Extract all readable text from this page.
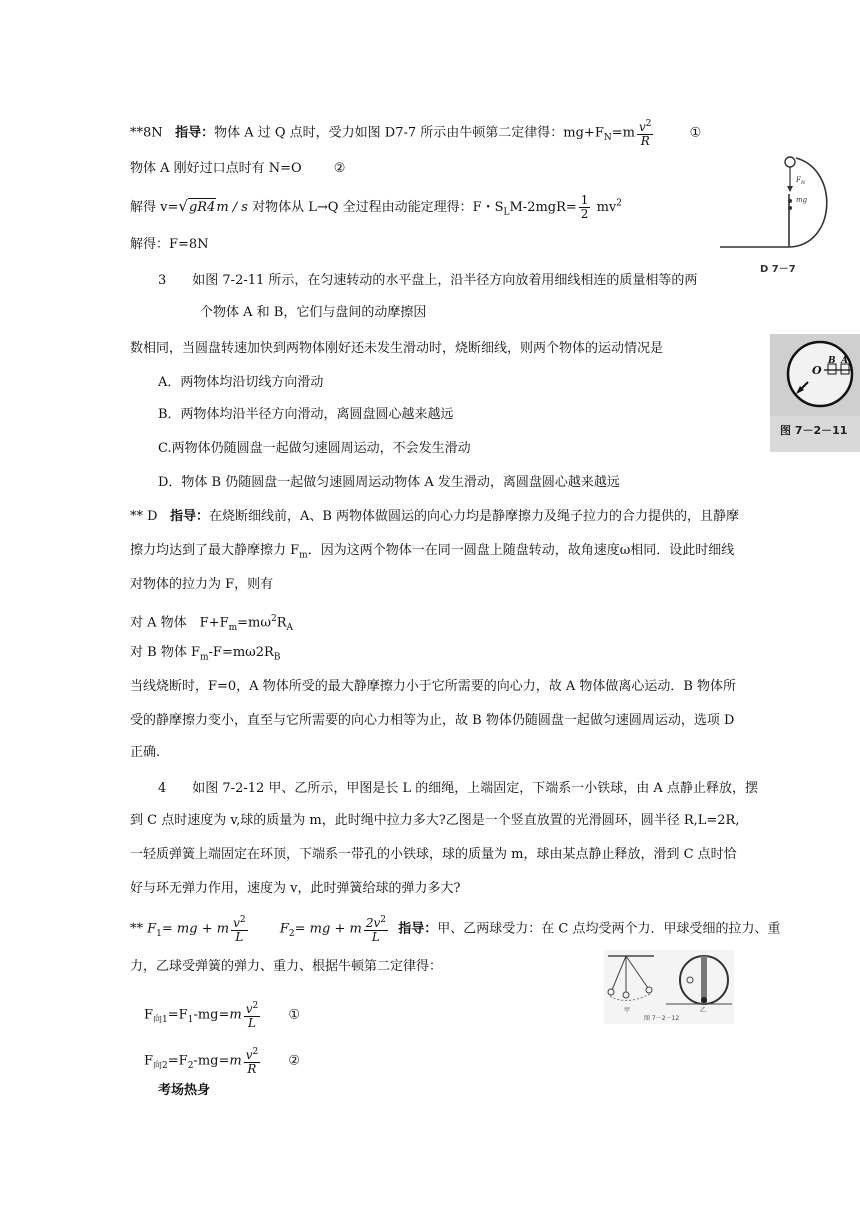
**8N 指导：物体 A 过 Q 点时，受力如图 D7-7 所示由牛顿第二定律得：$mg+F_N=m \frac{v^2}{R}$	①
物体 A 刚好过口点时有 N=O ②
解得 v=√gR4m / s 对物体从 L→Q 全过程由动能定理得：F・$S_LM-2mgR= \frac{1}{2} mv^2$
解得：F=8N
$F_N$
mg
D 7－7
3　　如图 7-2-11 所示，在匀速转动的水平盘上，沿半径方向放着用细线相连的质量相等的两
个物体 A 和 B，它们与盘间的动摩擦因
数相同，当圆盘转速加快到两物体刚好还未发生滑动时，烧断细线，则两个物体的运动情况是
A．两物体均沿切线方向滑动
B．两物体均沿半径方向滑动，离圆盘圆心越来越远
C.两物体仍随圆盘一起做匀速圆周运动，不会发生滑动
D．物体 B 仍随圆盘一起做匀速圆周运动物体 A 发生滑动，离圆盘圆心越来越远
O
B A
图 7－2－11
** D 指导：在烧断细线前，A、B 两物体做圆运的向心力均是静摩擦力及绳子拉力的合力提供的，且静摩
擦力均达到了最大静摩擦力 $F_m$．因为这两个物体一在同一圆盘上随盘转动，故角速度ω相同．设此时细线
对物体的拉力为 F，则有
对 A 物体　$F+F_m=m\omega^2R_A$
对 B 物体 $F_m-F=m\omega 2R_B$
当线烧断时，F=0，A 物体所受的最大静摩擦力小于它所需要的向心力，故 A 物体做离心运动．B 物体所
受的静摩擦力变小，直至与它所需要的向心力相等为止，故 B 物体仍随圆盘一起做匀速圆周运动，选项 D
正确.
4　　如图 7-2-12 甲、乙所示，甲图是长 L 的细绳，上端固定，下端系一小铁球，由 A 点静止释放，摆
到 C 点时速度为 v,球的质量为 m，此时绳中拉力多大?乙图是一个竖直放置的光滑圆环，圆半径 R,L=2R,
一轻质弹簧上端固定在环顶，下端系一带孔的小铁球，球的质量为 m，球由某点静止释放，滑到 C 点时恰
好与环无弹力作用，速度为 v，此时弹簧给球的弹力多大?
** $F_1=$ mg + m $\frac{v^2}{L} F_2=$ mg + m $\frac{2v^2}{L}$ 指导：甲、乙两球受力：在 C 点均受两个力．甲球受细的拉力、重
力，乙球受弹簧的弹力、重力、根据牛顿第二定律得：
$F_{向1}=F_1-mg=m \frac{v^2}{L}$ ①
$F_{向2}=F_2-mg=m \frac{v^2}{R}$ ②
甲	乙
图 7－2－12
考场热身
